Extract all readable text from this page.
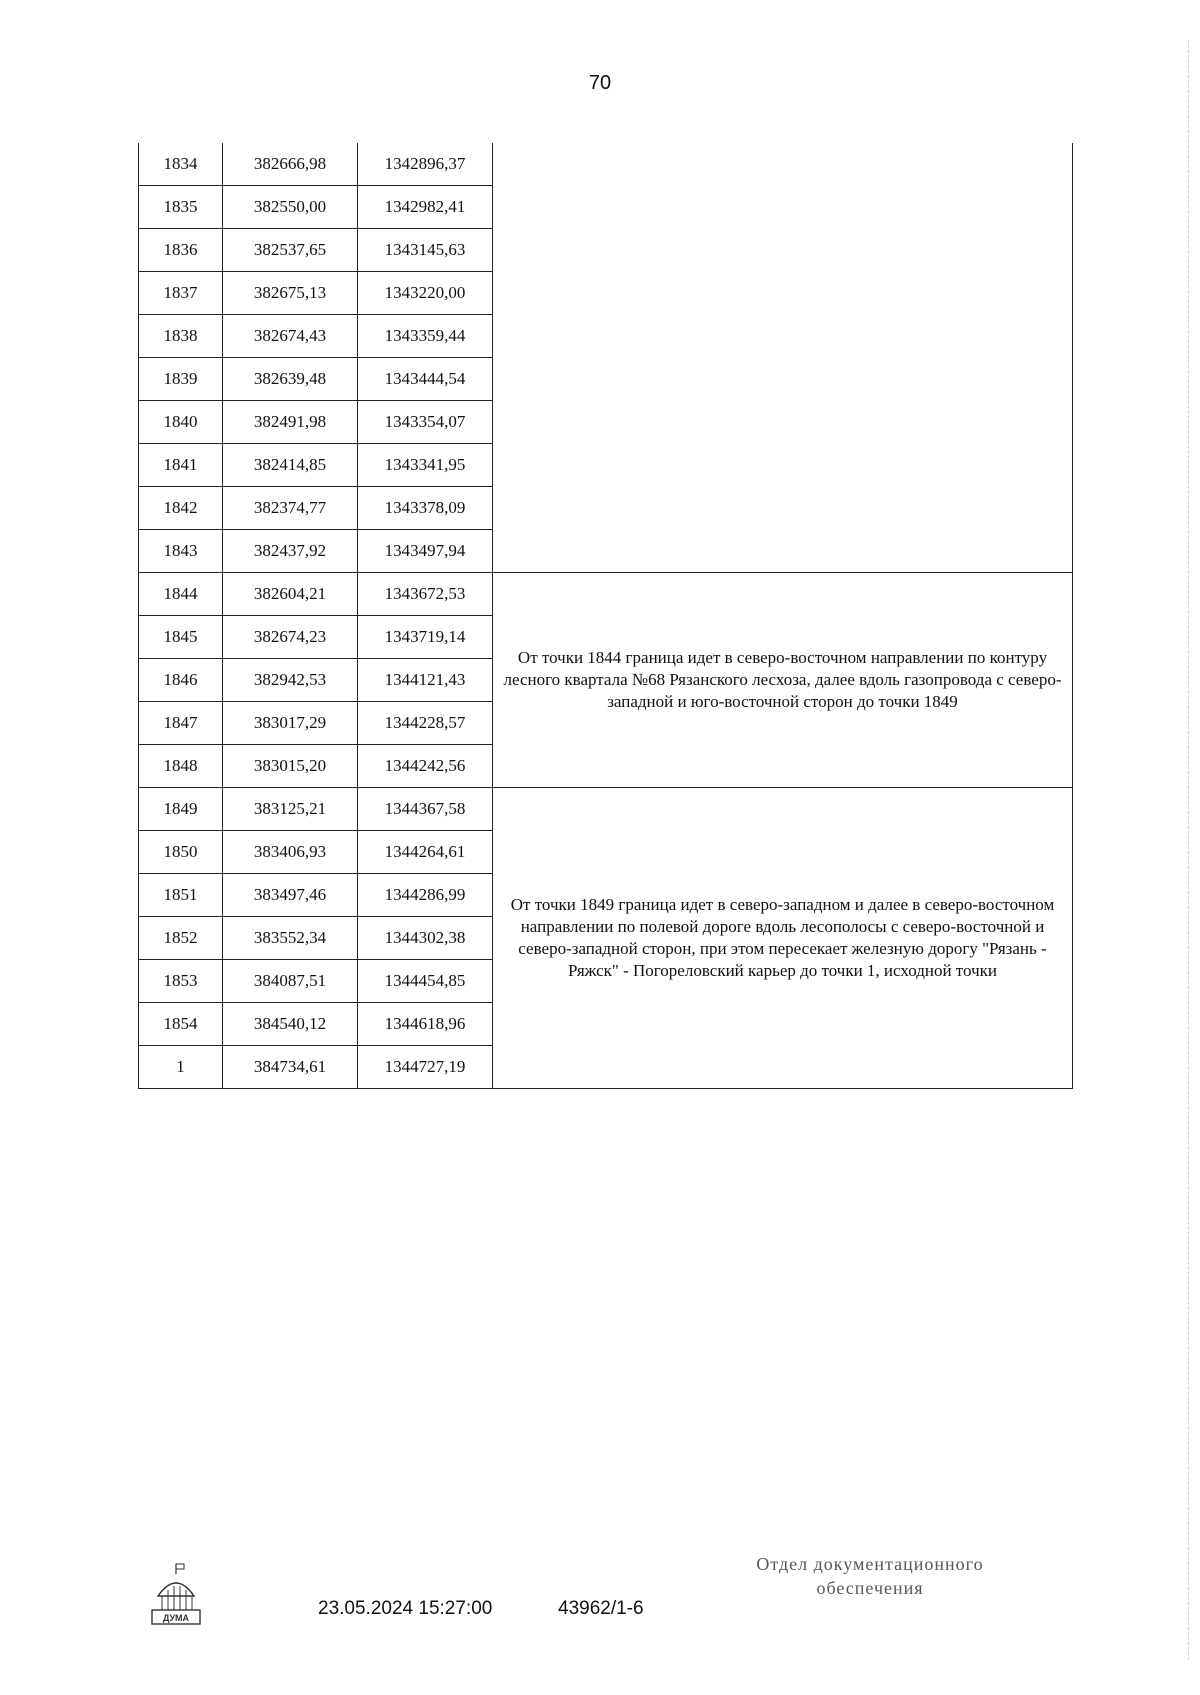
70
1834	382666,98	1342896,37	
1835	382550,00	1342982,41	
1836	382537,65	1343145,63	
1837	382675,13	1343220,00	
1838	382674,43	1343359,44	
1839	382639,48	1343444,54	
1840	382491,98	1343354,07	
1841	382414,85	1343341,95	
1842	382374,77	1343378,09	
1843	382437,92	1343497,94	
1844	382604,21	1343672,53	От точки 1844 граница идет в северо-восточном направлении по контуру лесного квартала №68 Рязанского лесхоза, далее вдоль газопровода с северо-западной и юго-восточной сторон до точки 1849
1845	382674,23	1343719,14	
1846	382942,53	1344121,43	
1847	383017,29	1344228,57	
1848	383015,20	1344242,56	
1849	383125,21	1344367,58	От точки 1849 граница идет в северо-западном и далее в северо-восточном направлении по полевой дороге вдоль лесополосы с северо-восточной и северо-западной сторон, при этом пересекает железную дорогу "Рязань - Ряжск" - Погореловский карьер до точки 1, исходной точки
1850	383406,93	1344264,61	
1851	383497,46	1344286,99	
1852	383552,34	1344302,38	
1853	384087,51	1344454,85	
1854	384540,12	1344618,96	
1	384734,61	1344727,19	
ДУМА	23.05.2024 15:27:00	43962/1-6
Отдел документационного
обеспечения
